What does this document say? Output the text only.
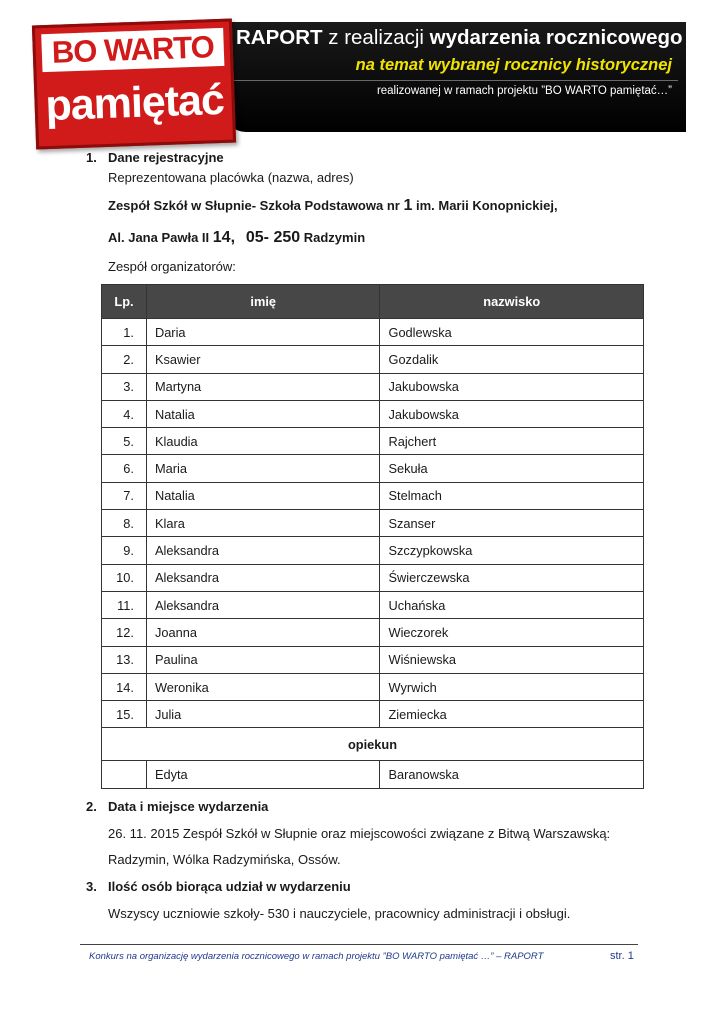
RAPORT z realizacji wydarzenia rocznicowego
na temat wybranej rocznicy historycznej
realizowanej w ramach projektu ”BO WARTO pamiętać…”
BO WARTO
pamiętać
1. Dane rejestracyjne
Reprezentowana placówka (nazwa, adres)
Zespół Szkół w Słupnie- Szkoła Podstawowa nr 1 im. Marii Konopnickiej,
Al. Jana Pawła II 14, 05- 250 Radzymin
Zespół organizatorów:
Lp.	imię	nazwisko
1.	Daria	Godlewska
2.	Ksawier	Gozdalik
3.	Martyna	Jakubowska
4.	Natalia	Jakubowska
5.	Klaudia	Rajchert
6.	Maria	Sekuła
7.	Natalia	Stelmach
8.	Klara	Szanser
9.	Aleksandra	Szczypkowska
10.	Aleksandra	Świerczewska
11.	Aleksandra	Uchańska
12.	Joanna	Wieczorek
13.	Paulina	Wiśniewska
14.	Weronika	Wyrwich
15.	Julia	Ziemiecka
opiekun		
	Edyta	Baranowska
2. Data i miejsce wydarzenia
26. 11. 2015 Zespół Szkół w Słupnie oraz miejscowości związane z Bitwą Warszawską:
Radzymin, Wólka Radzymińska, Ossów.
3. Ilość osób biorąca udział w wydarzeniu
Wszyscy uczniowie szkoły- 530 i nauczyciele, pracownicy administracji i obsługi.
Konkurs na organizację wydarzenia rocznicowego w ramach projektu ”BO WARTO pamiętać …” – RAPORT	str. 1
